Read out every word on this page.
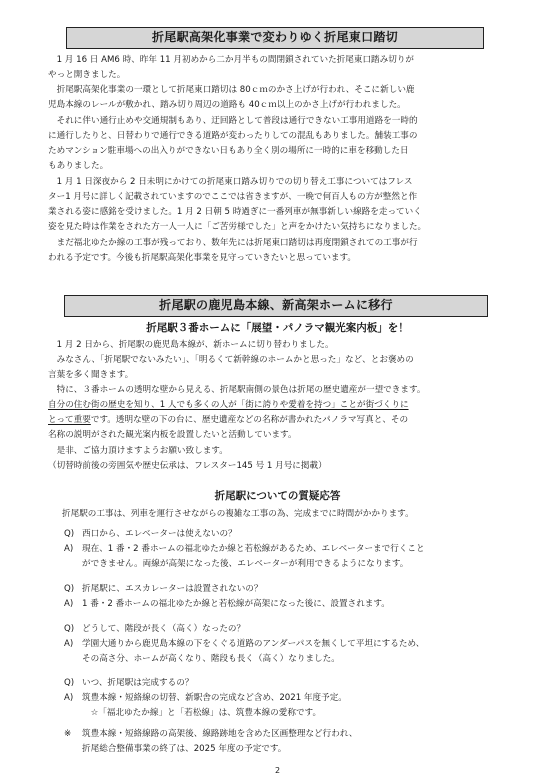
折尾駅高架化事業で変わりゆく折尾東口踏切
　1 月 16 日 AM6 時、昨年 11 月初めから二か月半もの間閉鎖されていた折尾東口踏み切りが
やっと開きました。
　折尾駅高架化事業の一環として折尾東口踏切は 80ｃｍのかさ上げが行われ、そこに新しい鹿
児島本線のレールが敷かれ、踏み切り周辺の道路も 40ｃｍ以上のかさ上げが行われました。
　それに伴い通行止めや交通規制もあり、迂回路として普段は通行できない工事用道路を一時的
に通行したりと、日替わりで通行できる道路が変わったりしての混乱もありました。舗装工事の
ためマンション駐車場への出入りができない日もあり全く別の場所に一時的に車を移動した日
もありました。
　1 月 1 日深夜から 2 日未明にかけての折尾東口踏み切りでの切り替え工事についてはフレス
ター1 月号に詳しく記載されていますのでここでは省きますが、一晩で何百人もの方が整然と作
業される姿に感銘を受けました。1 月 2 日朝 5 時過ぎに一番列車が無事新しい線路を走っていく
姿を見た時は作業をされた方一人一人に「ご苦労様でした」と声をかけたい気持ちになりました。
　まだ福北ゆたか線の工事が残っており、数年先には折尾東口踏切は再度閉鎖されての工事が行
われる予定です。今後も折尾駅高架化事業を見守っていきたいと思っています。
折尾駅の鹿児島本線、新高架ホームに移行
折尾駅３番ホームに「展望・パノラマ観光案内板」を！
　1 月 2 日から、折尾駅の鹿児島本線が、新ホームに切り替わりました。
　みなさん、「折尾駅でないみたい」、「明るくて新幹線のホームかと思った」など、とお褒めの
言葉を多く聞きます。
　特に、３番ホームの透明な壁から見える、折尾駅南側の景色は折尾の歴史遺産が一望できます。
自分の住む街の歴史を知り、1 人でも多くの人が「街に誇りや愛着を持つ」ことが街づくりに
とって重要です。透明な壁の下の台に、歴史遺産などの名称が書かれたパノラマ写真と、その
名称の説明がされた観光案内板を設置したいと活動しています。
　是非、ご協力頂けますようお願い致します。
（切替時前後の旁囲気や歴史伝承は、フレスター145 号 1 月号に掲載）
折尾駅についての質疑応答
折尾駅の工事は、列車を運行させながらの複雑な工事の為、完成までに時間がかかります。
Q) 西口から、エレベーターは使えないの？
A)	現在、1 番・2 番ホームの福北ゆたか線と若松線があるため、エレベーターまで行くこと
ができません。両線が高架になった後、エレベーターが利用できるようになります。
Q) 折尾駅に、エスカレーターは設置されないの？
A)	1 番・2 番ホームの福北ゆたか線と若松線が高架になった後に、設置されます。
Q) どうして、階段が長く（高く）なったの？
A)	学園大通りから鹿児島本線の下をくぐる道路のアンダーパスを無くして平坦にするため、
その高さ分、ホームが高くなり、階段も長く（高く）なりました。
Q) いつ、折尾駅は完成するの？
A)	筑豊本線・短絡線の切替、新駅舎の完成など含め、2021 年度予定。
　☆「福北ゆたか線」と「若松線」は、筑豊本線の愛称です。
※	筑豊本線・短絡線路の高架後、線路跡地を含めた区画整理など行われ、
折尾総合整備事業の終了は、2025 年度の予定です。
2
